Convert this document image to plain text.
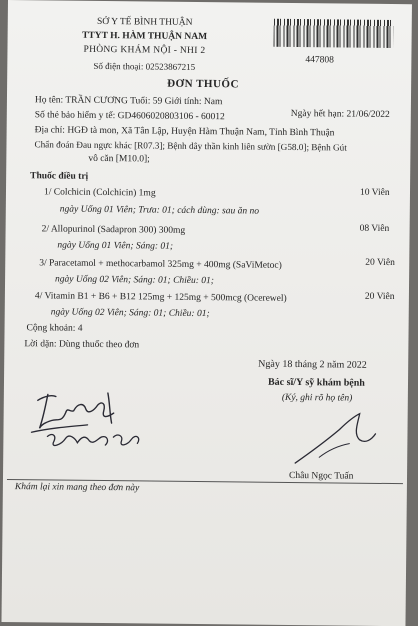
SỞ Y TẾ BÌNH THUẬN
TTYT H. HÀM THUẬN NAM
PHÒNG KHÁM NỘI - NHI 2
Số điện thoại: 02523867215
447808
ĐƠN THUỐC
Họ tên: TRẦN CƯƠNG Tuổi: 59 Giới tính: Nam
Số thẻ bảo hiểm y tế: GD4606020803106 - 60012	Ngày hết hạn: 21/06/2022
Địa chỉ: HGĐ tà mon, Xã Tân Lập, Huyện Hàm Thuận Nam, Tỉnh Bình Thuận
Chẩn đoán Đau ngực khác [R07.3]; Bệnh dây thần kinh liên sườn [G58.0]; Bệnh Gút
vô căn [M10.0];
Thuốc điều trị
1/ Colchicin (Colchicin) 1mg	10 Viên
ngày Uống 01 Viên; Trưa: 01; cách dùng: sau ăn no
2/ Allopurinol (Sadapron 300) 300mg	08 Viên
ngày Uống 01 Viên; Sáng: 01;
3/ Paracetamol + methocarbamol 325mg + 400mg (SaViMetoc)	20 Viên
ngày Uống 02 Viên; Sáng: 01; Chiều: 01;
4/ Vitamin B1 + B6 + B12 125mg + 125mg + 500mcg (Ocerewel)	20 Viên
ngày Uống 02 Viên; Sáng: 01; Chiều: 01;
Cộng khoản: 4
Lời dặn: Dùng thuốc theo đơn
Ngày 18 tháng 2 năm 2022
Bác sĩ/Y sỹ khám bệnh
(Ký, ghi rõ họ tên)
Châu Ngọc Tuấn
Khám lại xin mang theo đơn này
